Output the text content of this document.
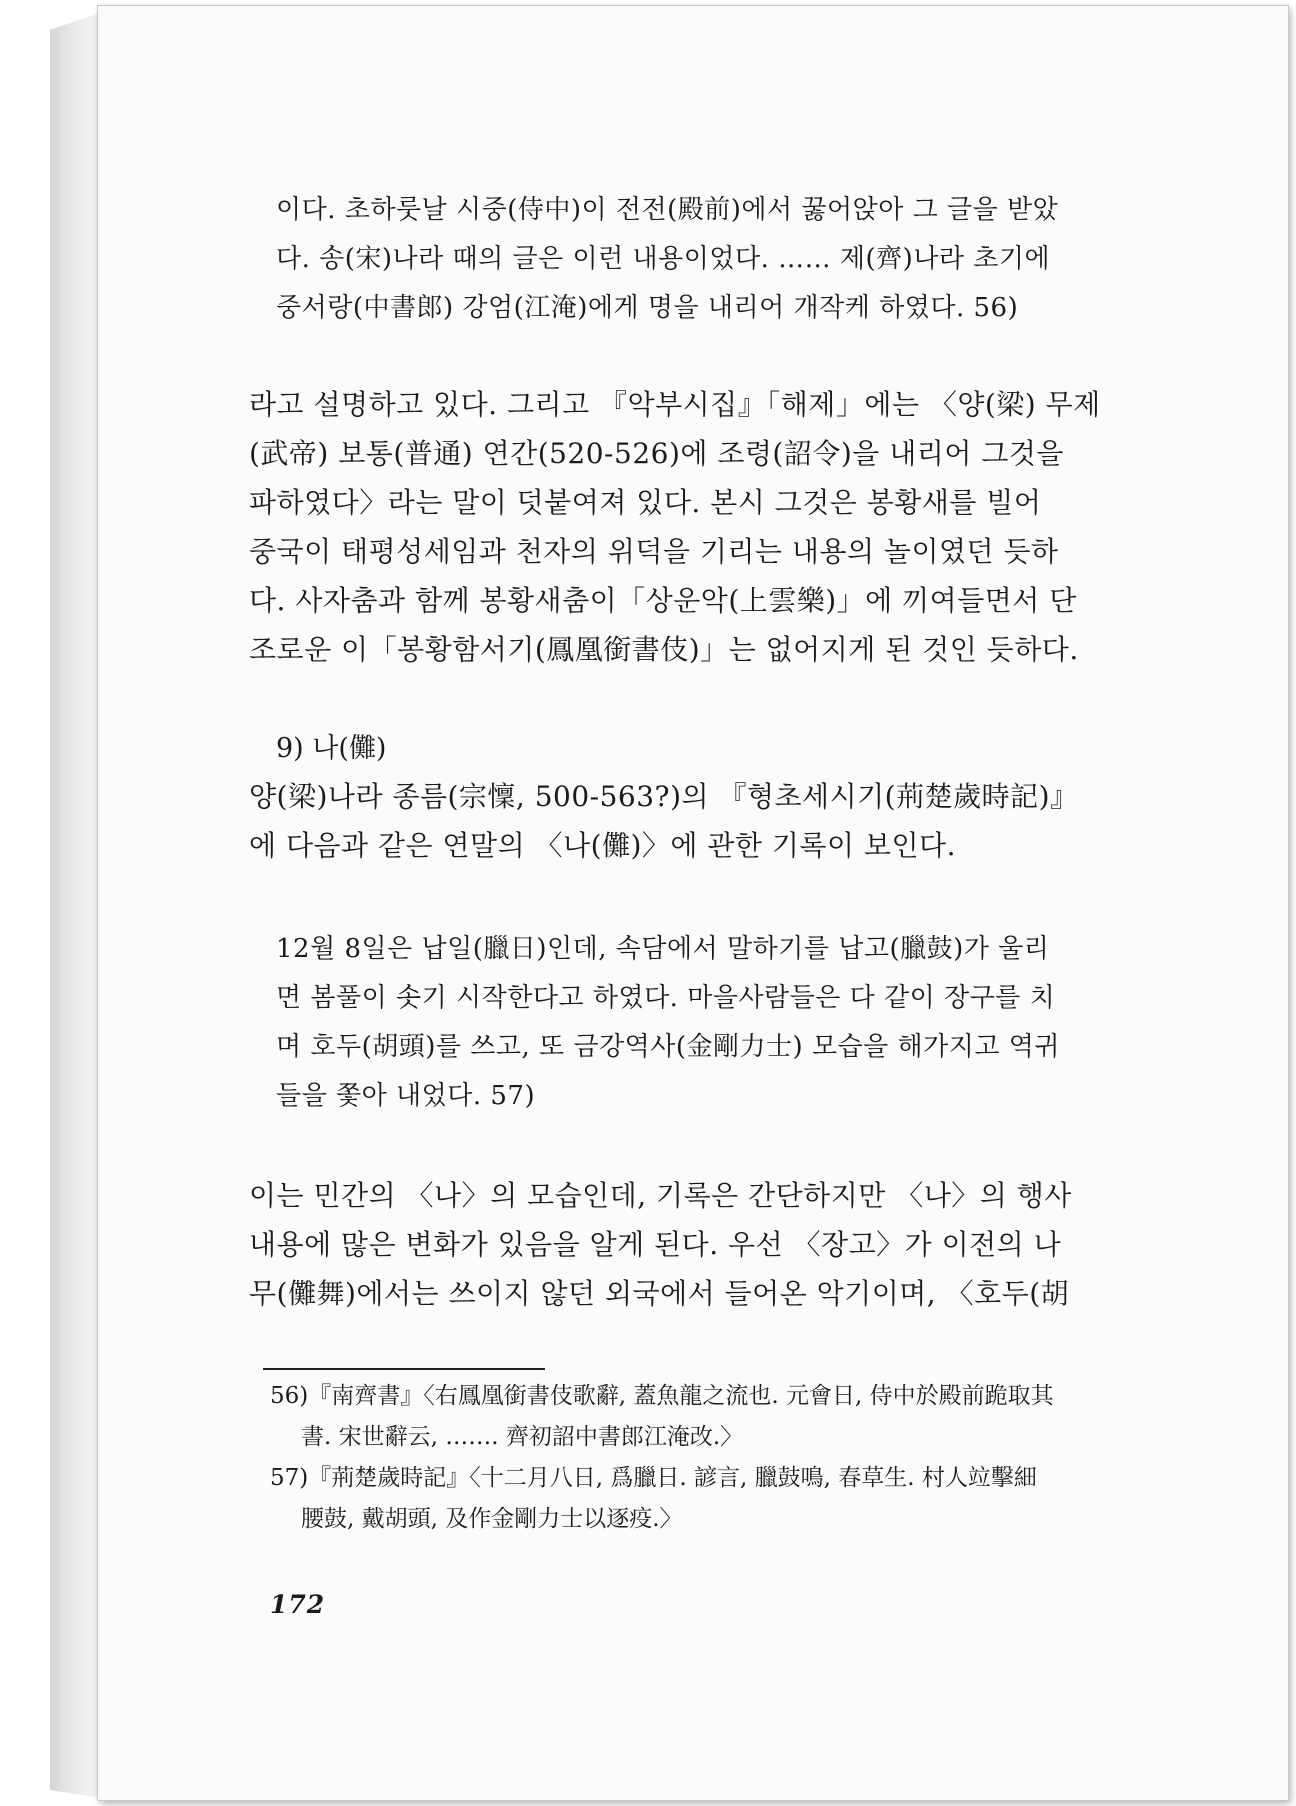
이다. 초하룻날 시중(侍中)이 전전(殿前)에서 꿇어앉아 그 글을 받았
다. 송(宋)나라 때의 글은 이런 내용이었다. …… 제(齊)나라 초기에
중서랑(中書郎) 강엄(江淹)에게 명을 내리어 개작케 하였다. 56)
라고 설명하고 있다. 그리고 『악부시집』「해제」에는 〈양(梁) 무제
(武帝) 보통(普通) 연간(520-526)에 조령(詔令)을 내리어 그것을
파하였다〉라는 말이 덧붙여져 있다. 본시 그것은 봉황새를 빌어
중국이 태평성세임과 천자의 위덕을 기리는 내용의 놀이였던 듯하
다. 사자춤과 함께 봉황새춤이「상운악(上雲樂)」에 끼여들면서 단
조로운 이「봉황함서기(鳳凰銜書伎)」는 없어지게 된 것인 듯하다.
9) 나(儺)
양(梁)나라 종름(宗懍, 500-563?)의 『형초세시기(荊楚歲時記)』
에 다음과 같은 연말의 〈나(儺)〉에 관한 기록이 보인다.
12월 8일은 납일(臘日)인데, 속담에서 말하기를 납고(臘鼓)가 울리
면 봄풀이 솟기 시작한다고 하였다. 마을사람들은 다 같이 장구를 치
며 호두(胡頭)를 쓰고, 또 금강역사(金剛力士) 모습을 해가지고 역귀
들을 쫓아 내었다. 57)
이는 민간의 〈나〉의 모습인데, 기록은 간단하지만 〈나〉의 행사
내용에 많은 변화가 있음을 알게 된다. 우선 〈장고〉가 이전의 나
무(儺舞)에서는 쓰이지 않던 외국에서 들어온 악기이며, 〈호두(胡
56)『南齊書』〈右鳳凰銜書伎歌辭, 蓋魚龍之流也. 元會日, 侍中於殿前跪取其
書. 宋世辭云, ……. 齊初詔中書郎江淹改.〉
57)『荊楚歲時記』〈十二月八日, 爲臘日. 諺言, 臘鼓鳴, 春草生. 村人竝擊細
腰鼓, 戴胡頭, 及作金剛力士以逐疫.〉
172
